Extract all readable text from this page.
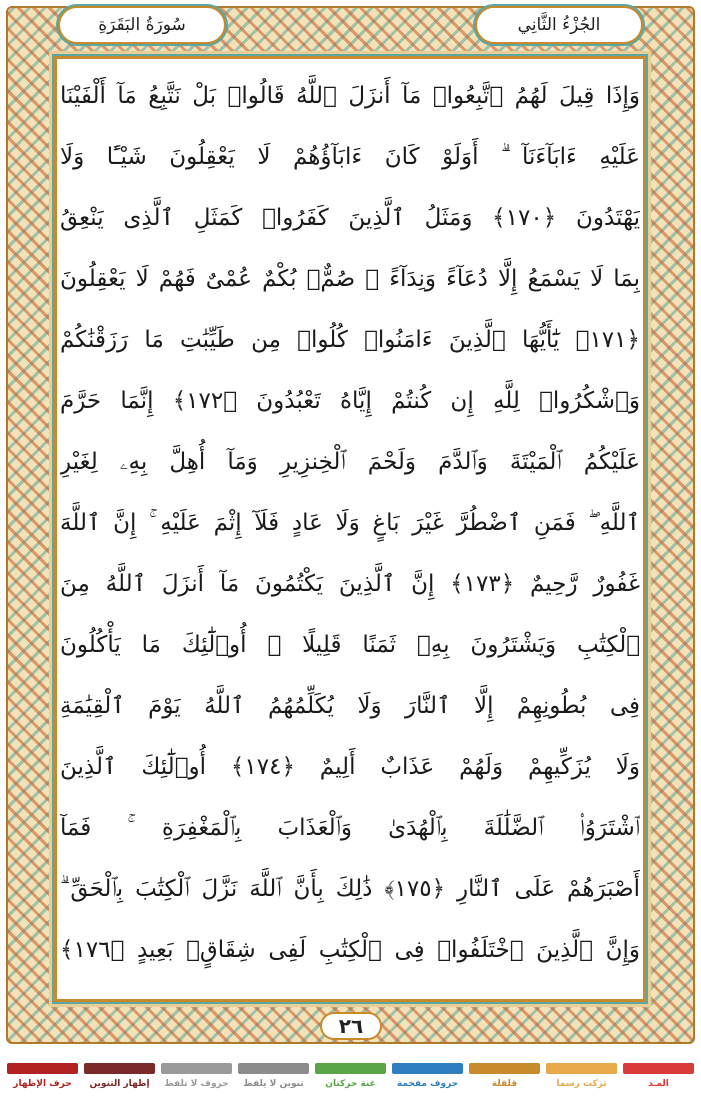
الجُزْءُ الثَّانِي
سُورَةُ البَقَرَةِ
وَإِذَا قِيلَ لَهُمُ ٱتَّبِعُوا۟ مَآ أَنزَلَ ٱللَّهُ قَالُوا۟ بَلْ نَتَّبِعُ مَآ أَلْفَيْنَا
عَلَيْهِ ءَابَآءَنَآ ۗ أَوَلَوْ كَانَ ءَابَآؤُهُمْ لَا يَعْقِلُونَ شَيْـًٔا وَلَا
يَهْتَدُونَ ﴿١٧٠﴾ وَمَثَلُ ٱلَّذِينَ كَفَرُوا۟ كَمَثَلِ ٱلَّذِى يَنْعِقُ
بِمَا لَا يَسْمَعُ إِلَّا دُعَآءً وَنِدَآءً ۚ صُمٌّۢ بُكْمٌ عُمْىٌ فَهُمْ لَا يَعْقِلُونَ
﴿١٧١﴾ يَٰٓأَيُّهَا ٱلَّذِينَ ءَامَنُوا۟ كُلُوا۟ مِن طَيِّبَٰتِ مَا رَزَقْنَٰكُمْ
وَٱشْكُرُوا۟ لِلَّهِ إِن كُنتُمْ إِيَّاهُ تَعْبُدُونَ ﴿١٧٢﴾ إِنَّمَا حَرَّمَ
عَلَيْكُمُ ٱلْمَيْتَةَ وَٱلدَّمَ وَلَحْمَ ٱلْخِنزِيرِ وَمَآ أُهِلَّ بِهِۦ لِغَيْرِ
ٱللَّهِ ۖ فَمَنِ ٱضْطُرَّ غَيْرَ بَاغٍ وَلَا عَادٍ فَلَآ إِثْمَ عَلَيْهِ ۚ إِنَّ ٱللَّهَ
غَفُورٌ رَّحِيمٌ ﴿١٧٣﴾ إِنَّ ٱلَّذِينَ يَكْتُمُونَ مَآ أَنزَلَ ٱللَّهُ مِنَ
ٱلْكِتَٰبِ وَيَشْتَرُونَ بِهِۦ ثَمَنًا قَلِيلًا ۙ أُو۟لَٰٓئِكَ مَا يَأْكُلُونَ
فِى بُطُونِهِمْ إِلَّا ٱلنَّارَ وَلَا يُكَلِّمُهُمُ ٱللَّهُ يَوْمَ ٱلْقِيَٰمَةِ
وَلَا يُزَكِّيهِمْ وَلَهُمْ عَذَابٌ أَلِيمٌ ﴿١٧٤﴾ أُو۟لَٰٓئِكَ ٱلَّذِينَ
ٱشْتَرَوُا۟ ٱلضَّلَٰلَةَ بِٱلْهُدَىٰ وَٱلْعَذَابَ بِٱلْمَغْفِرَةِ ۚ فَمَآ
أَصْبَرَهُمْ عَلَى ٱلنَّارِ ﴿١٧٥﴾ ذَٰلِكَ بِأَنَّ ٱللَّهَ نَزَّلَ ٱلْكِتَٰبَ بِٱلْحَقِّ ۗ
وَإِنَّ ٱلَّذِينَ ٱخْتَلَفُوا۟ فِى ٱلْكِتَٰبِ لَفِى شِقَاقٍۭ بَعِيدٍ ﴿١٧٦﴾
٢٦
المـد
تركت رسما
قلقلة
حروف مفخمة
غنة حركتان
تنوين لا يلفظ
حروف لا تلفظ
إظهار التنوين
حرف الإظهار
